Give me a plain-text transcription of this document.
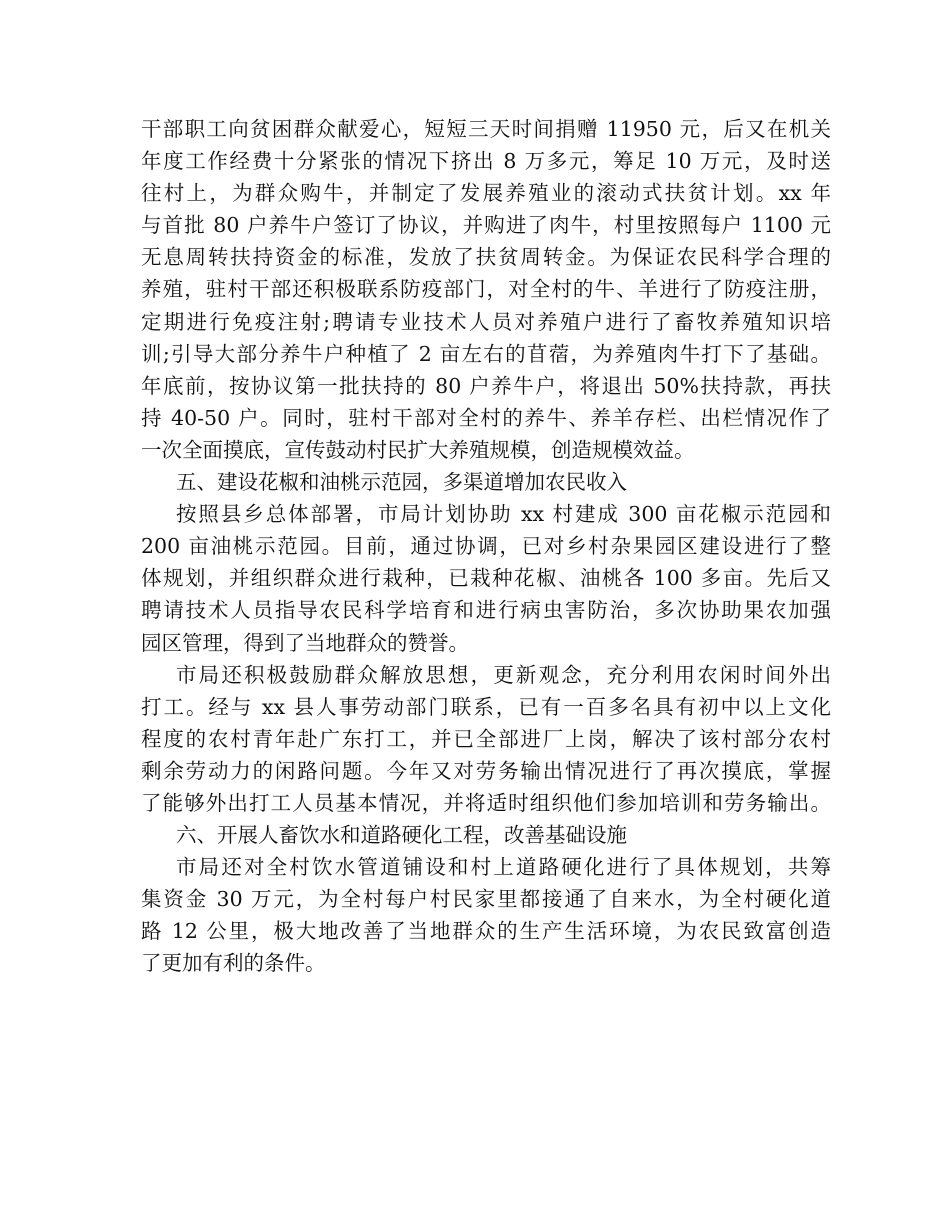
干部职工向贫困群众献爱心，短短三天时间捐赠 11950 元，后又在机关
年度工作经费十分紧张的情况下挤出 8 万多元，筹足 10 万元，及时送
往村上，为群众购牛，并制定了发展养殖业的滚动式扶贫计划。xx 年
与首批 80 户养牛户签订了协议，并购进了肉牛，村里按照每户 1100 元
无息周转扶持资金的标准，发放了扶贫周转金。为保证农民科学合理的
养殖，驻村干部还积极联系防疫部门，对全村的牛、羊进行了防疫注册，
定期进行免疫注射;聘请专业技术人员对养殖户进行了畜牧养殖知识培
训;引导大部分养牛户种植了 2 亩左右的苜蓿，为养殖肉牛打下了基础。
年底前，按协议第一批扶持的 80 户养牛户，将退出 50%扶持款，再扶
持 40-50 户。同时，驻村干部对全村的养牛、养羊存栏、出栏情况作了
一次全面摸底，宣传鼓动村民扩大养殖规模，创造规模效益。
五、建设花椒和油桃示范园，多渠道增加农民收入
按照县乡总体部署，市局计划协助 xx 村建成 300 亩花椒示范园和
200 亩油桃示范园。目前，通过协调，已对乡村杂果园区建设进行了整
体规划，并组织群众进行栽种，已栽种花椒、油桃各 100 多亩。先后又
聘请技术人员指导农民科学培育和进行病虫害防治，多次协助果农加强
园区管理，得到了当地群众的赞誉。
市局还积极鼓励群众解放思想，更新观念，充分利用农闲时间外出
打工。经与 xx 县人事劳动部门联系，已有一百多名具有初中以上文化
程度的农村青年赴广东打工，并已全部进厂上岗，解决了该村部分农村
剩余劳动力的闲路问题。今年又对劳务输出情况进行了再次摸底，掌握
了能够外出打工人员基本情况，并将适时组织他们参加培训和劳务输出。
六、开展人畜饮水和道路硬化工程，改善基础设施
市局还对全村饮水管道铺设和村上道路硬化进行了具体规划，共筹
集资金 30 万元，为全村每户村民家里都接通了自来水，为全村硬化道
路 12 公里，极大地改善了当地群众的生产生活环境，为农民致富创造
了更加有利的条件。
